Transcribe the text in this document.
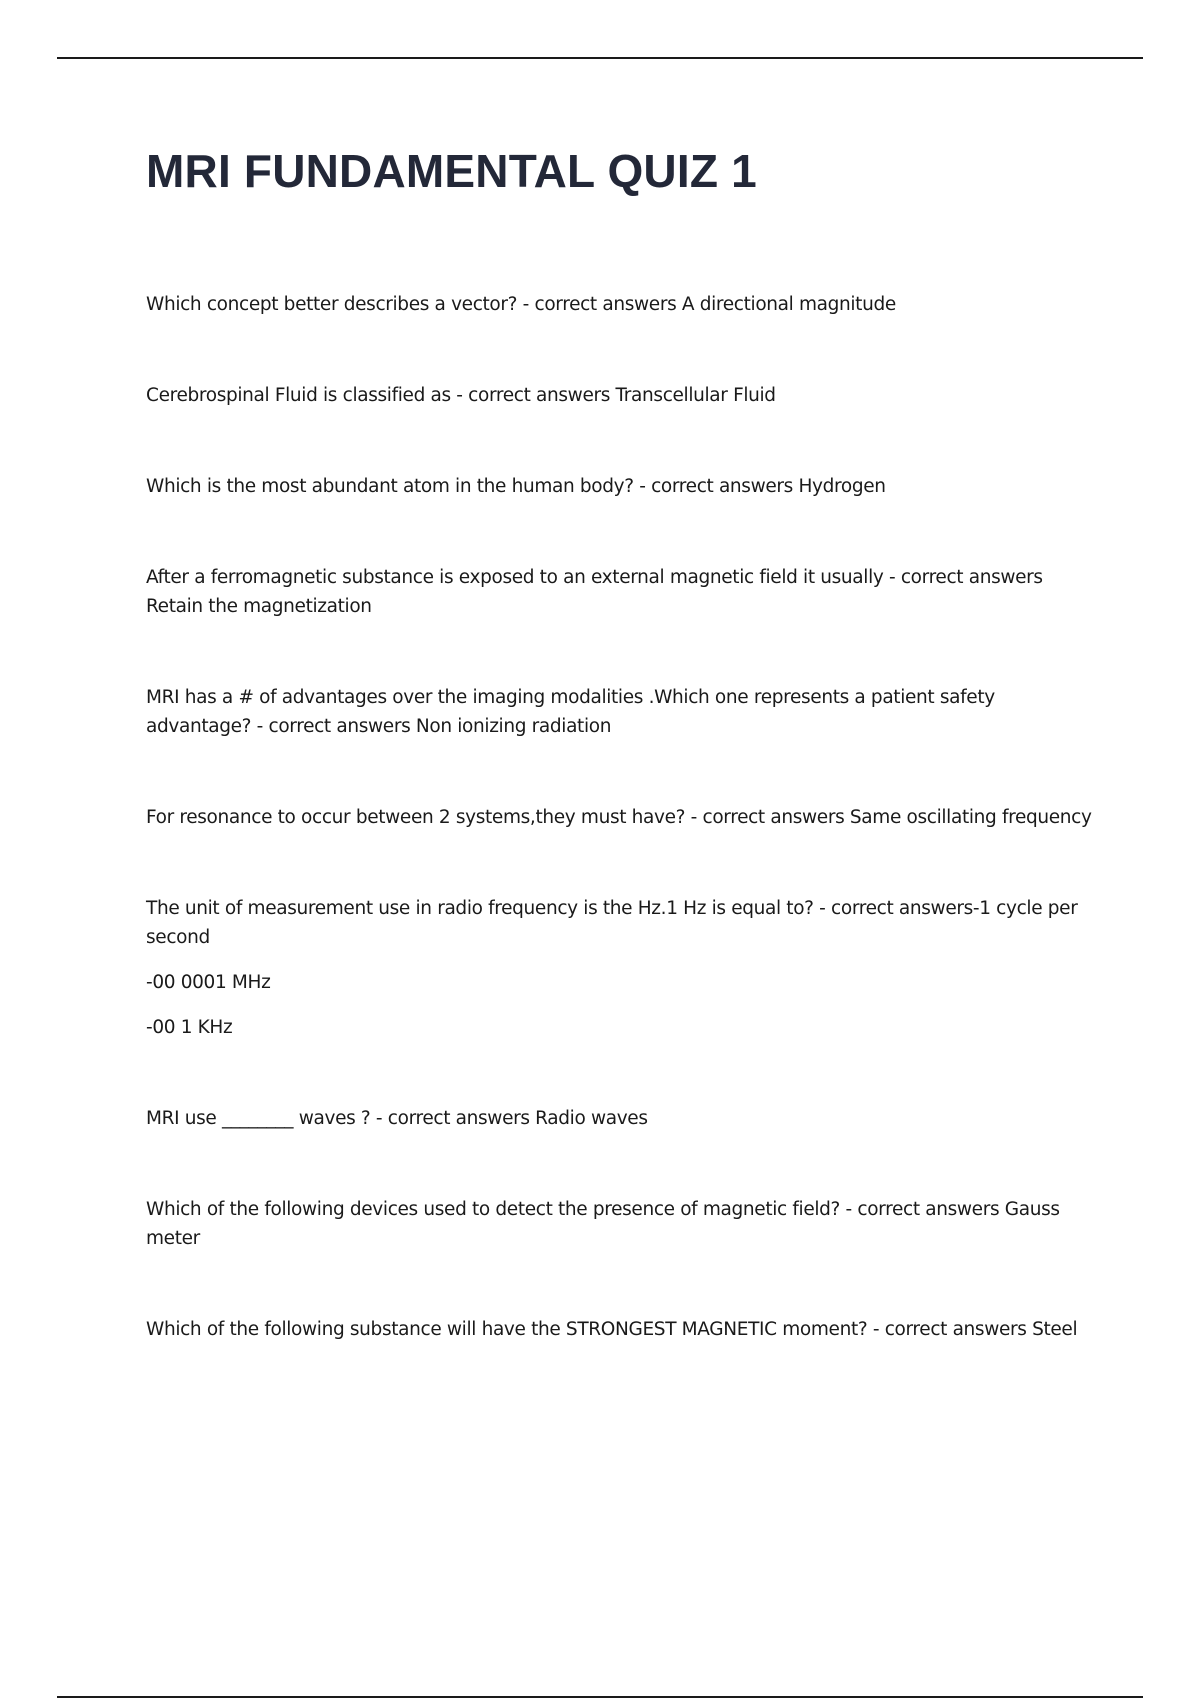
MRI FUNDAMENTAL QUIZ 1

Which concept better describes a vector? - correct answers A directional magnitude

Cerebrospinal Fluid is classified as - correct answers Transcellular Fluid

Which is the most abundant atom in the human body? - correct answers Hydrogen

After a ferromagnetic substance is exposed to an external magnetic field it usually - correct answers Retain the magnetization

MRI has a # of advantages over the imaging modalities .Which one represents a patient safety advantage? - correct answers Non ionizing radiation

For resonance to occur between 2 systems,they must have? - correct answers Same oscillating frequency

The unit of measurement use in radio frequency is the Hz.1 Hz is equal to? - correct answers-1 cycle per second
-00 0001 MHz
-00 1 KHz

MRI use ________ waves ? - correct answers Radio waves

Which of the following devices used to detect the presence of magnetic field? - correct answers Gauss meter

Which of the following substance will have the STRONGEST MAGNETIC moment? - correct answers Steel
